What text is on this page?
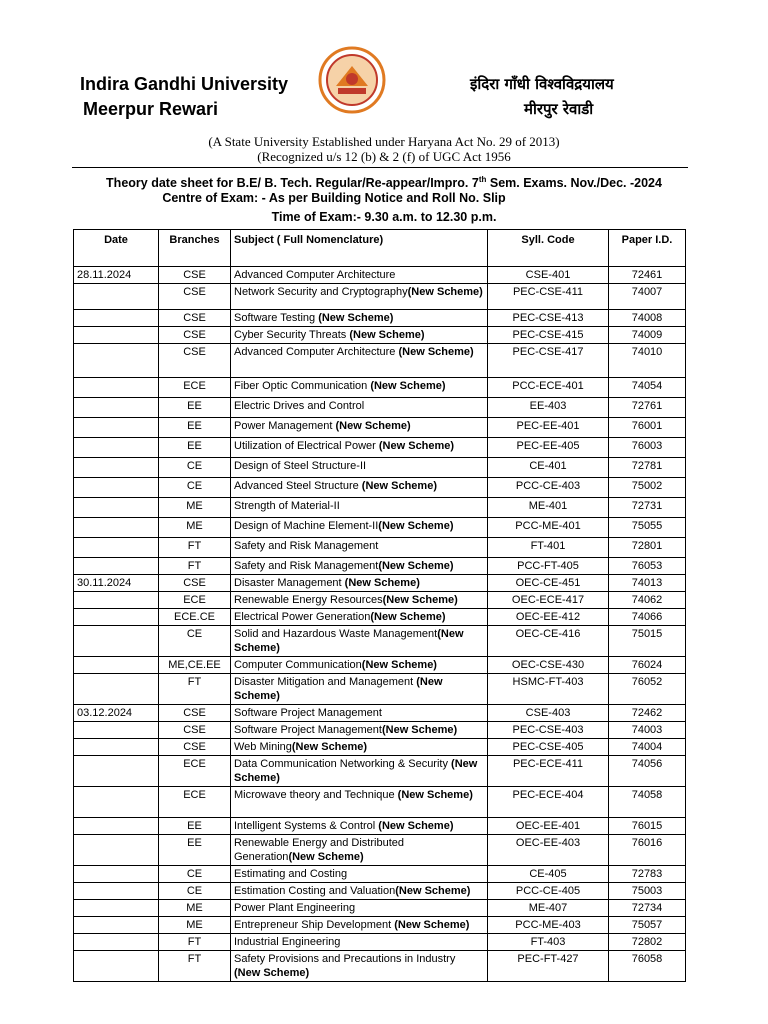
Indira Gandhi University
Meerpur Rewari
इंदिरा गाँधी विश्वविद्रयालय
मीरपुर रेवाडी
(A State University Established under Haryana Act No. 29 of 2013)
(Recognized u/s 12 (b) & 2 (f) of UGC Act 1956
Theory date sheet for B.E/ B. Tech. Regular/Re-appear/Impro. 7th Sem. Exams. Nov./Dec. -2024
Centre of Exam: - As per Building Notice and Roll No. Slip
Time of Exam:- 9.30 a.m. to 12.30 p.m.
Date	Branches	Subject ( Full Nomenclature)	Syll. Code	Paper I.D.
28.11.2024	CSE	Advanced Computer Architecture	CSE-401	72461
	CSE	Network Security and Cryptography(New Scheme)	PEC-CSE-411	74007
	CSE	Software Testing (New Scheme)	PEC-CSE-413	74008
	CSE	Cyber Security Threats (New Scheme)	PEC-CSE-415	74009
	CSE	Advanced Computer Architecture (New Scheme)	PEC-CSE-417	74010
	ECE	Fiber Optic Communication (New Scheme)	PCC-ECE-401	74054
	EE	Electric Drives and Control	EE-403	72761
	EE	Power Management (New Scheme)	PEC-EE-401	76001
	EE	Utilization of Electrical Power (New Scheme)	PEC-EE-405	76003
	CE	Design of Steel Structure-II	CE-401	72781
	CE	Advanced Steel Structure (New Scheme)	PCC-CE-403	75002
	ME	Strength of Material-II	ME-401	72731
	ME	Design of Machine Element-II(New Scheme)	PCC-ME-401	75055
	FT	Safety and Risk Management	FT-401	72801
	FT	Safety and Risk Management(New Scheme)	PCC-FT-405	76053
30.11.2024	CSE	Disaster Management (New Scheme)	OEC-CE-451	74013
	ECE	Renewable Energy Resources(New Scheme)	OEC-ECE-417	74062
	ECE.CE	Electrical Power Generation(New Scheme)	OEC-EE-412	74066
	CE	Solid and Hazardous Waste Management(New Scheme)	OEC-CE-416	75015
	ME,CE.EE	Computer Communication(New Scheme)	OEC-CSE-430	76024
	FT	Disaster Mitigation and Management (New Scheme)	HSMC-FT-403	76052
03.12.2024	CSE	Software Project Management	CSE-403	72462
	CSE	Software Project Management(New Scheme)	PEC-CSE-403	74003
	CSE	Web Mining(New Scheme)	PEC-CSE-405	74004
	ECE	Data Communication Networking & Security (New Scheme)	PEC-ECE-411	74056
	ECE	Microwave theory and Technique (New Scheme)	PEC-ECE-404	74058
	EE	Intelligent Systems & Control (New Scheme)	OEC-EE-401	76015
	EE	Renewable Energy and Distributed Generation(New Scheme)	OEC-EE-403	76016
	CE	Estimating and Costing	CE-405	72783
	CE	Estimation Costing and Valuation(New Scheme)	PCC-CE-405	75003
	ME	Power Plant Engineering	ME-407	72734
	ME	Entrepreneur Ship Development (New Scheme)	PCC-ME-403	75057
	FT	Industrial Engineering	FT-403	72802
	FT	Safety Provisions and Precautions in Industry (New Scheme)	PEC-FT-427	76058
